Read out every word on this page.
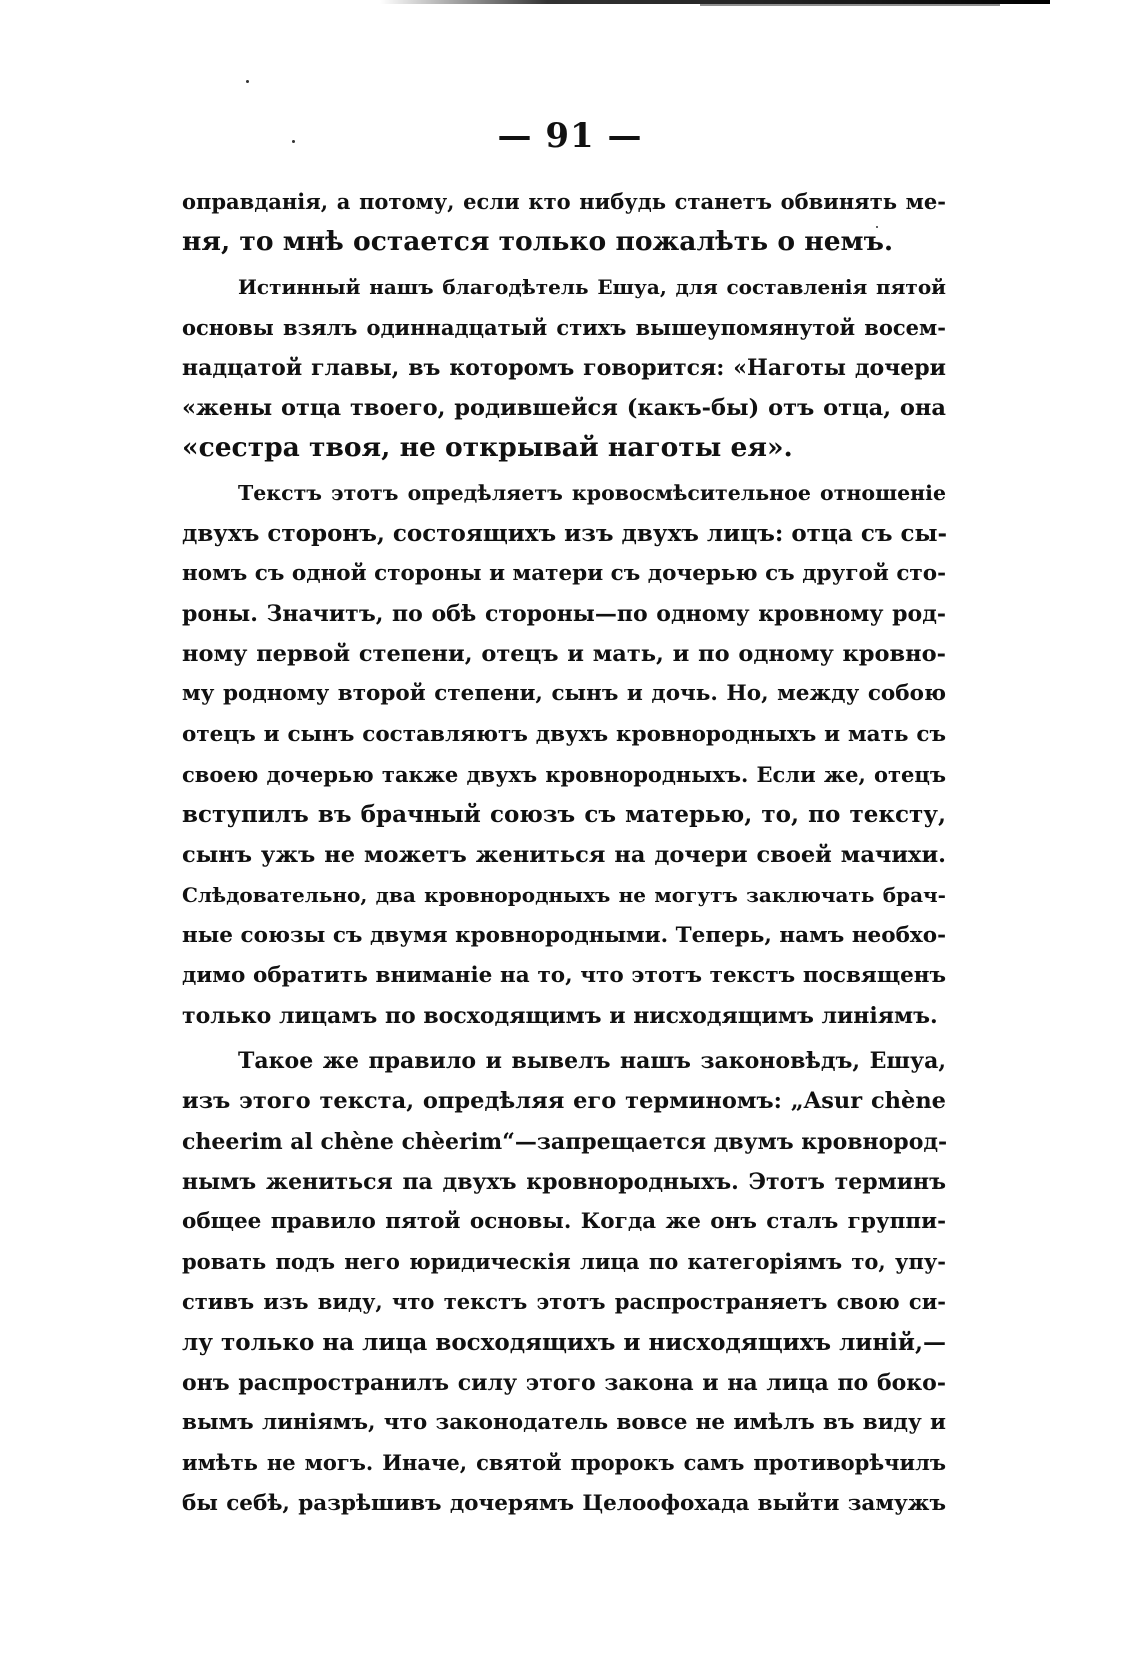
— 91 —
оправданія, а потому, если кто нибудь станетъ обвинять ме-
ня, то мнѣ остается только пожалѣть о немъ.
Истинный нашъ благодѣтель Ешуа, для составленія пятой
основы взялъ одиннадцатый стихъ вышеупомянутой восем-
надцатой главы, въ которомъ говорится: «Наготы дочери
«жены отца твоего, родившейся (какъ-бы) отъ отца, она
«сестра твоя, не открывай наготы ея».
Текстъ этотъ опредѣляетъ кровосмѣсительное отношеніе
двухъ сторонъ, состоящихъ изъ двухъ лицъ: отца съ сы-
номъ съ одной стороны и матери съ дочерью съ другой сто-
роны. Значитъ, по обѣ стороны—по одному кровному род-
ному первой степени, отецъ и мать, и по одному кровно-
му родному второй степени, сынъ и дочь. Но, между собою
отецъ и сынъ составляютъ двухъ кровнородныхъ и мать съ
своею дочерью также двухъ кровнородныхъ. Если же, отецъ
вступилъ въ брачный союзъ съ матерью, то, по тексту,
сынъ ужъ не можетъ жениться на дочери своей мачихи.
Слѣдовательно, два кровнородныхъ не могутъ заключать брач-
ные союзы съ двумя кровнородными. Теперь, намъ необхо-
димо обратить вниманіе на то, что этотъ текстъ посвященъ
только лицамъ по восходящимъ и нисходящимъ линіямъ.
Такое же правило и вывелъ нашъ законовѣдъ, Ешуа,
изъ этого текста, опредѣляя его терминомъ: „Asur chène
cheerim al chène chèerim“—запрещается двумъ кровнород-
нымъ жениться па двухъ кровнородныхъ. Этотъ терминъ
общее правило пятой основы. Когда же онъ сталъ группи-
ровать подъ него юридическія лица по категоріямъ то, упу-
стивъ изъ виду, что текстъ этотъ распространяетъ свою си-
лу только на лица восходящихъ и нисходящихъ линій,—
онъ распространилъ силу этого закона и на лица по боко-
вымъ линіямъ, что законодатель вовсе не имѣлъ въ виду и
имѣть не могъ. Иначе, святой пророкъ самъ противорѣчилъ
бы себѣ, разрѣшивъ дочерямъ Целоофохада выйти замужъ
